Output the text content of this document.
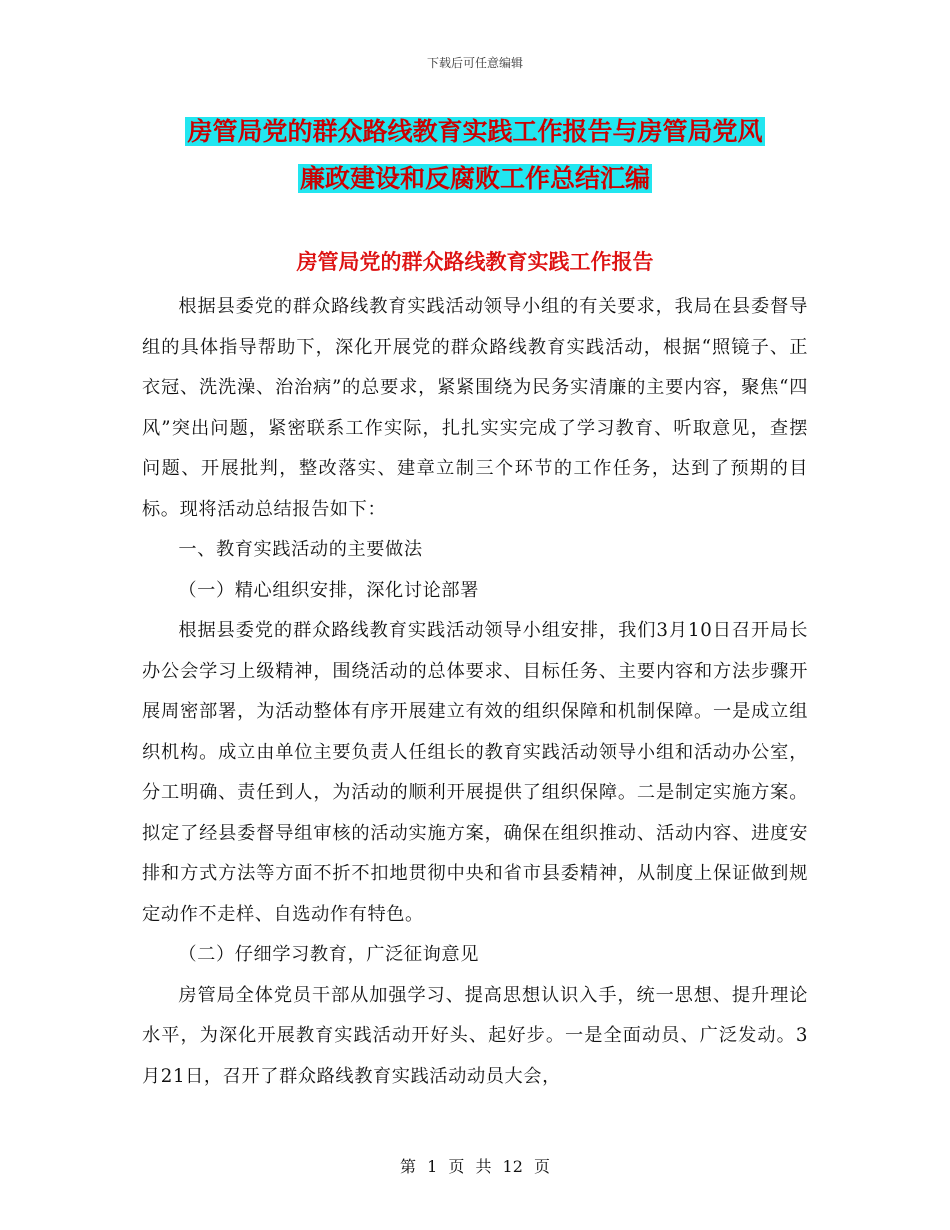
下载后可任意编辑
房管局党的群众路线教育实践工作报告与房管局党风
廉政建设和反腐败工作总结汇编
房管局党的群众路线教育实践工作报告

根据县委党的群众路线教育实践活动领导小组的有关要求，我局在县委督导组的具体指导帮助下，深化开展党的群众路线教育实践活动，根据“照镜子、正衣冠、洗洗澡、治治病”的总要求，紧紧围绕为民务实清廉的主要内容，聚焦“四风”突出问题，紧密联系工作实际，扎扎实实完成了学习教育、听取意见，查摆问题、开展批判，整改落实、建章立制三个环节的工作任务，达到了预期的目标。现将活动总结报告如下：

一、教育实践活动的主要做法

（一）精心组织安排，深化讨论部署

根据县委党的群众路线教育实践活动领导小组安排，我们3月10日召开局长办公会学习上级精神，围绕活动的总体要求、目标任务、主要内容和方法步骤开展周密部署，为活动整体有序开展建立有效的组织保障和机制保障。一是成立组织机构。成立由单位主要负责人任组长的教育实践活动领导小组和活动办公室，分工明确、责任到人，为活动的顺利开展提供了组织保障。二是制定实施方案。拟定了经县委督导组审核的活动实施方案，确保在组织推动、活动内容、进度安排和方式方法等方面不折不扣地贯彻中央和省市县委精神，从制度上保证做到规定动作不走样、自选动作有特色。

（二）仔细学习教育，广泛征询意见

房管局全体党员干部从加强学习、提高思想认识入手，统一思想、提升理论水平，为深化开展教育实践活动开好头、起好步。一是全面动员、广泛发动。3月21日，召开了群众路线教育实践活动动员大会，

第 1 页 共 12 页
